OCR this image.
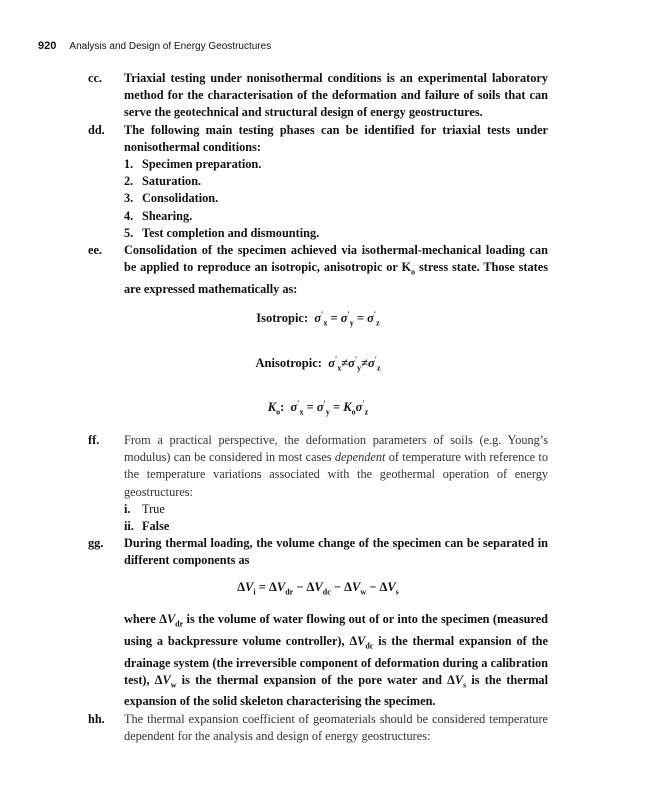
920 Analysis and Design of Energy Geostructures
cc. Triaxial testing under nonisothermal conditions is an experimental laboratory method for the characterisation of the deformation and failure of soils that can serve the geotechnical and structural design of energy geostructures.
dd. The following main testing phases can be identified for triaxial tests under nonisothermal conditions:
1. Specimen preparation.
2. Saturation.
3. Consolidation.
4. Shearing.
5. Test completion and dismounting.
ee. Consolidation of the specimen achieved via isothermal-mechanical loading can be applied to reproduce an isotropic, anisotropic or $K_o$ stress state. Those states are expressed mathematically as:
Isotropic: $\sigma'_x = \sigma'_y = \sigma'_z$
Anisotropic: $\sigma'_x\ne\sigma'_y\ne\sigma'_z$
$K_o$:  $\sigma'_x = \sigma'_y = K_o\sigma'_z$
ff. From a practical perspective, the deformation parameters of soils (e.g. Young’s modulus) can be considered in most cases dependent of temperature with reference to the temperature variations associated with the geothermal operation of energy geostructures:
i. True
ii. False
gg. During thermal loading, the volume change of the specimen can be separated in different components as
$\Delta V_i = \Delta V_{dr} - \Delta V_{dc} - \Delta V_w - \Delta V_s$
where $\Delta V_{dr}$ is the volume of water flowing out of or into the specimen (measured using a backpressure volume controller), $\Delta V_{dc}$ is the thermal expansion of the drainage system (the irreversible component of deformation during a calibration test), $\Delta V_w$ is the thermal expansion of the pore water and $\Delta V_s$ is the thermal expansion of the solid skeleton characterising the specimen.
hh. The thermal expansion coefficient of geomaterials should be considered temperature dependent for the analysis and design of energy geostructures:
